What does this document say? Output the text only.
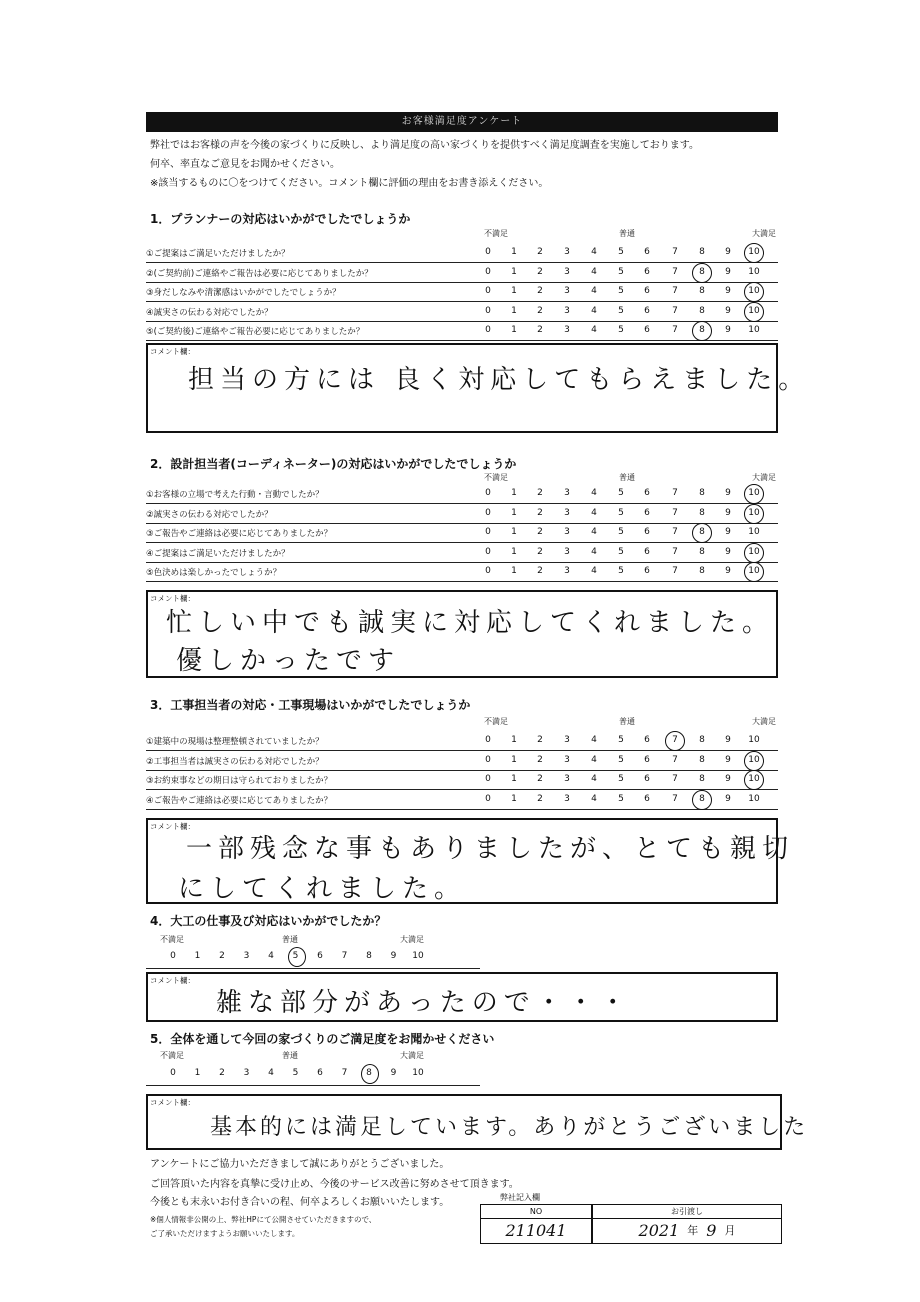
お客様満足度アンケート
弊社ではお客様の声を今後の家づくりに反映し、より満足度の高い家づくりを提供すべく満足度調査を実施しております。
何卒、率直なご意見をお聞かせください。
※該当するものに〇をつけてください。コメント欄に評価の理由をお書き添えください。
1．プランナーの対応はいかがでしたでしょうか
不満足	普通	大満足
①ご提案はご満足いただけましたか？	0	1	2	3	4	5	6	7	8	9	10
②(ご契約前)ご連絡やご報告は必要に応じてありましたか？	0	1	2	3	4	5	6	7	8	9	10
③身だしなみや清潔感はいかがでしたでしょうか？	0	1	2	3	4	5	6	7	8	9	10
④誠実さの伝わる対応でしたか？	0	1	2	3	4	5	6	7	8	9	10
⑤(ご契約後)ご連絡やご報告必要に応じてありましたか？	0	1	2	3	4	5	6	7	8	9	10
コメント欄：
担当の方には 良く対応してもらえました。
2．設計担当者(コーディネーター)の対応はいかがでしたでしょうか
不満足	普通	大満足
①お客様の立場で考えた行動・言動でしたか？	0	1	2	3	4	5	6	7	8	9	10
②誠実さの伝わる対応でしたか？	0	1	2	3	4	5	6	7	8	9	10
③ご報告やご連絡は必要に応じてありましたか？	0	1	2	3	4	5	6	7	8	9	10
④ご提案はご満足いただけましたか？	0	1	2	3	4	5	6	7	8	9	10
⑤色決めは楽しかったでしょうか？	0	1	2	3	4	5	6	7	8	9	10
コメント欄：
忙しい中でも誠実に対応してくれました。
優しかったです
3．工事担当者の対応・工事現場はいかがでしたでしょうか
不満足	普通	大満足
①建築中の現場は整理整頓されていましたか？	0	1	2	3	4	5	6	7	8	9	10
②工事担当者は誠実さの伝わる対応でしたか？	0	1	2	3	4	5	6	7	8	9	10
③お約束事などの期日は守られておりましたか？	0	1	2	3	4	5	6	7	8	9	10
④ご報告やご連絡は必要に応じてありましたか？	0	1	2	3	4	5	6	7	8	9	10
コメント欄：
一部残念な事もありましたが、とても親切
にしてくれました。
4．大工の仕事及び対応はいかがでしたか？
不満足	普通	大満足
0	1	2	3	4	5	6	7	8	9	10
コメント欄：
雑な部分があったので・・・
5．全体を通して今回の家づくりのご満足度をお聞かせください
不満足	普通	大満足
0	1	2	3	4	5	6	7	8	9	10
コメント欄：
基本的には満足しています。ありがとうございました
アンケートにご協力いただきまして誠にありがとうございました。
ご回答頂いた内容を真摯に受け止め、今後のサービス改善に努めさせて頂きます。
今後とも末永いお付き合いの程、何卒よろしくお願いいたします。
※個人情報非公開の上、弊社HPにて公開させていただきますので、
ご了承いただけますようお願いいたします。
弊社記入欄
NO
211041
お引渡し
2021 年 9 月
